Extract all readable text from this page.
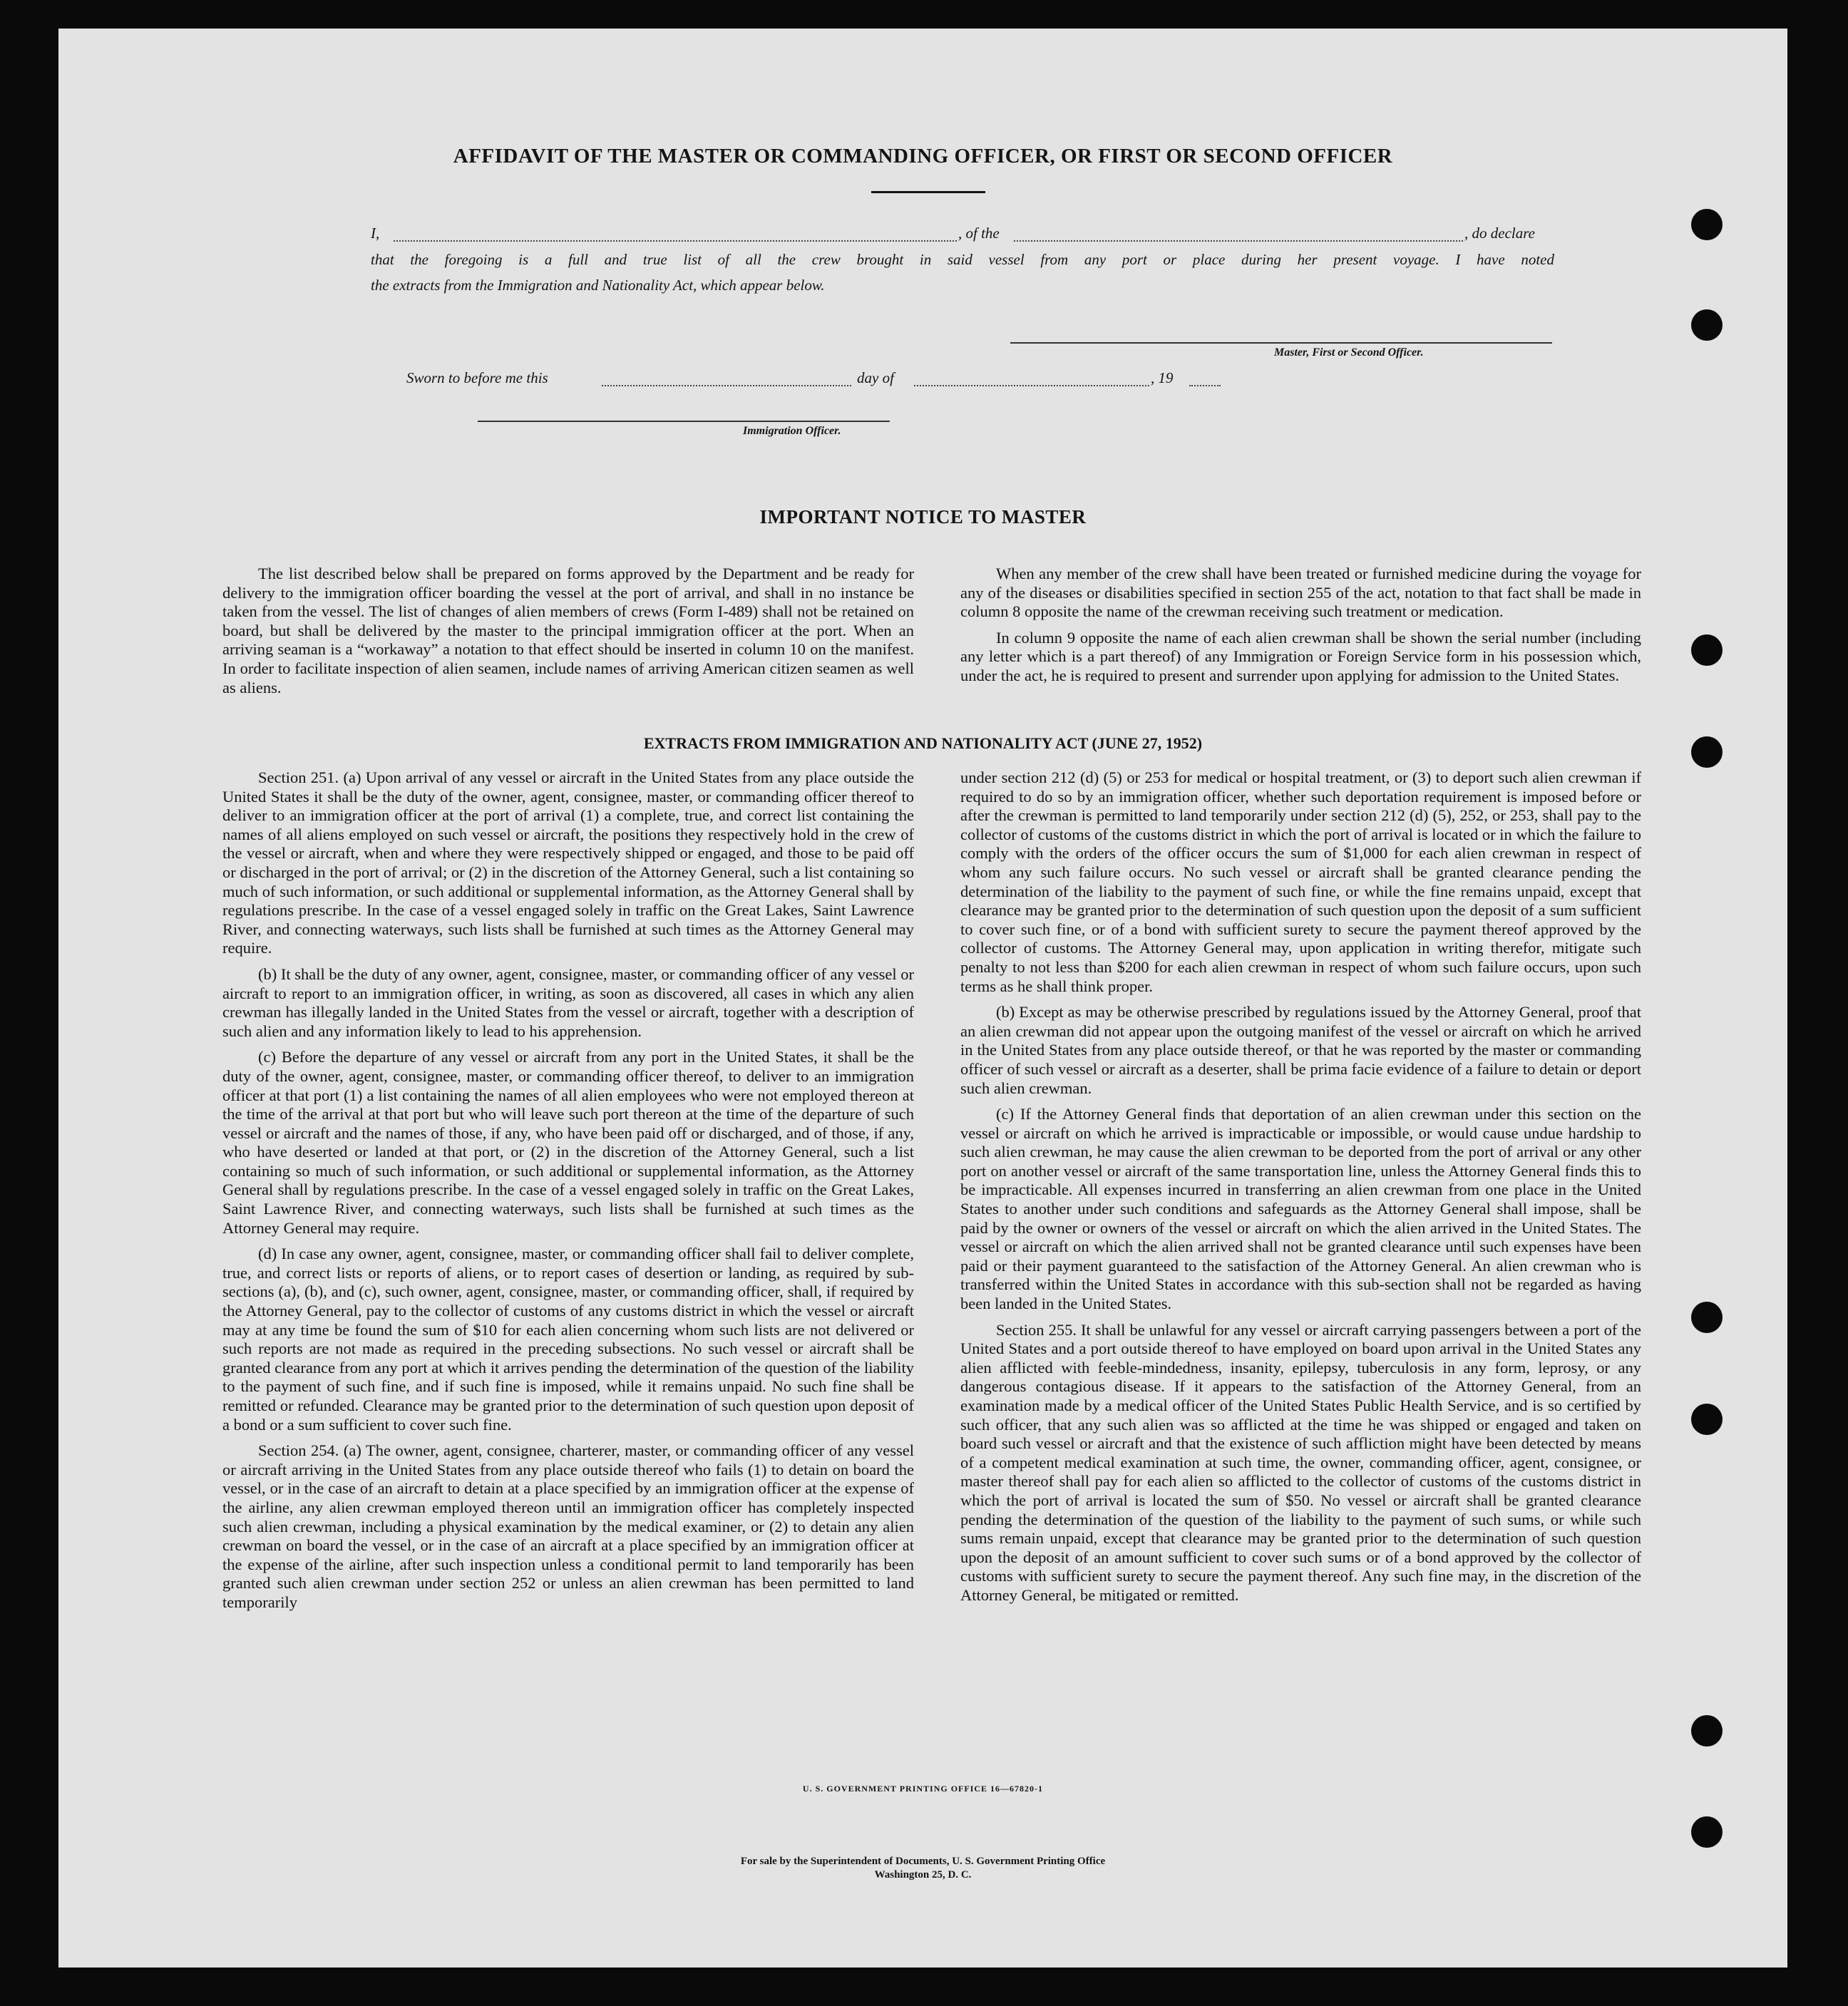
AFFIDAVIT OF THE MASTER OR COMMANDING OFFICER, OR FIRST OR SECOND OFFICER
I,	, of the	, do declare
that the foregoing is a full and true list of all the crew brought in said vessel from any port or place during her present voyage. I have noted
the extracts from the Immigration and Nationality Act, which appear below.
Master, First or Second Officer.
Sworn to before me this	day of	, 19
Immigration Officer.
IMPORTANT NOTICE TO MASTER

The list described below shall be prepared on forms approved by the Department and be ready for delivery to the immigration officer boarding the vessel at the port of arrival, and shall in no instance be taken from the vessel. The list of changes of alien members of crews (Form I-489) shall not be retained on board, but shall be delivered by the master to the principal immigration officer at the port. When an arriving seaman is a “workaway” a notation to that effect should be inserted in column 10 on the manifest. In order to facilitate inspection of alien seamen, include names of arriving American citizen seamen as well as aliens.

When any member of the crew shall have been treated or furnished medicine during the voyage for any of the diseases or disabilities specified in section 255 of the act, notation to that fact shall be made in column 8 opposite the name of the crewman receiving such treatment or medication.

In column 9 opposite the name of each alien crewman shall be shown the serial number (including any letter which is a part thereof) of any Immigration or Foreign Service form in his possession which, under the act, he is required to present and surrender upon applying for admission to the United States.

EXTRACTS FROM IMMIGRATION AND NATIONALITY ACT (JUNE 27, 1952)

Section 251. (a) Upon arrival of any vessel or aircraft in the United States from any place outside the United States it shall be the duty of the owner, agent, consignee, master, or commanding officer thereof to deliver to an immigration officer at the port of arrival (1) a complete, true, and correct list containing the names of all aliens employed on such vessel or aircraft, the positions they respectively hold in the crew of the vessel or aircraft, when and where they were respectively shipped or engaged, and those to be paid off or discharged in the port of arrival; or (2) in the discretion of the Attorney General, such a list containing so much of such information, or such additional or supplemental information, as the Attorney General shall by regulations prescribe. In the case of a vessel engaged solely in traffic on the Great Lakes, Saint Lawrence River, and connecting waterways, such lists shall be furnished at such times as the Attorney General may require.

(b) It shall be the duty of any owner, agent, consignee, master, or commanding officer of any vessel or aircraft to report to an immigration officer, in writing, as soon as discovered, all cases in which any alien crewman has illegally landed in the United States from the vessel or aircraft, together with a description of such alien and any information likely to lead to his apprehension.

(c) Before the departure of any vessel or aircraft from any port in the United States, it shall be the duty of the owner, agent, consignee, master, or commanding officer thereof, to deliver to an immigration officer at that port (1) a list containing the names of all alien employees who were not employed thereon at the time of the arrival at that port but who will leave such port thereon at the time of the departure of such vessel or aircraft and the names of those, if any, who have been paid off or discharged, and of those, if any, who have deserted or landed at that port, or (2) in the discretion of the Attorney General, such a list containing so much of such information, or such additional or supplemental information, as the Attorney General shall by regulations prescribe. In the case of a vessel engaged solely in traffic on the Great Lakes, Saint Lawrence River, and connecting waterways, such lists shall be furnished at such times as the Attorney General may require.

(d) In case any owner, agent, consignee, master, or commanding officer shall fail to deliver complete, true, and correct lists or reports of aliens, or to report cases of desertion or landing, as required by sub-sections (a), (b), and (c), such owner, agent, consignee, master, or commanding officer, shall, if required by the Attorney General, pay to the collector of customs of any customs district in which the vessel or aircraft may at any time be found the sum of $10 for each alien concerning whom such lists are not delivered or such reports are not made as required in the preceding subsections. No such vessel or aircraft shall be granted clearance from any port at which it arrives pending the determination of the question of the liability to the payment of such fine, and if such fine is imposed, while it remains unpaid. No such fine shall be remitted or refunded. Clearance may be granted prior to the determination of such question upon deposit of a bond or a sum sufficient to cover such fine.

Section 254. (a) The owner, agent, consignee, charterer, master, or commanding officer of any vessel or aircraft arriving in the United States from any place outside thereof who fails (1) to detain on board the vessel, or in the case of an aircraft to detain at a place specified by an immigration officer at the expense of the airline, any alien crewman employed thereon until an immigration officer has completely inspected such alien crewman, including a physical examination by the medical examiner, or (2) to detain any alien crewman on board the vessel, or in the case of an aircraft at a place specified by an immigration officer at the expense of the airline, after such inspection unless a conditional permit to land temporarily has been granted such alien crewman under section 252 or unless an alien crewman has been permitted to land temporarily

under section 212 (d) (5) or 253 for medical or hospital treatment, or (3) to deport such alien crewman if required to do so by an immigration officer, whether such deportation requirement is imposed before or after the crewman is permitted to land temporarily under section 212 (d) (5), 252, or 253, shall pay to the collector of customs of the customs district in which the port of arrival is located or in which the failure to comply with the orders of the officer occurs the sum of $1,000 for each alien crewman in respect of whom any such failure occurs. No such vessel or aircraft shall be granted clearance pending the determination of the liability to the payment of such fine, or while the fine remains unpaid, except that clearance may be granted prior to the determination of such question upon the deposit of a sum sufficient to cover such fine, or of a bond with sufficient surety to secure the payment thereof approved by the collector of customs. The Attorney General may, upon application in writing therefor, mitigate such penalty to not less than $200 for each alien crewman in respect of whom such failure occurs, upon such terms as he shall think proper.

(b) Except as may be otherwise prescribed by regulations issued by the Attorney General, proof that an alien crewman did not appear upon the outgoing manifest of the vessel or aircraft on which he arrived in the United States from any place outside thereof, or that he was reported by the master or commanding officer of such vessel or aircraft as a deserter, shall be prima facie evidence of a failure to detain or deport such alien crewman.

(c) If the Attorney General finds that deportation of an alien crewman under this section on the vessel or aircraft on which he arrived is impracticable or impossible, or would cause undue hardship to such alien crewman, he may cause the alien crewman to be deported from the port of arrival or any other port on another vessel or aircraft of the same transportation line, unless the Attorney General finds this to be impracticable. All expenses incurred in transferring an alien crewman from one place in the United States to another under such conditions and safeguards as the Attorney General shall impose, shall be paid by the owner or owners of the vessel or aircraft on which the alien arrived in the United States. The vessel or aircraft on which the alien arrived shall not be granted clearance until such expenses have been paid or their payment guaranteed to the satisfaction of the Attorney General. An alien crewman who is transferred within the United States in accordance with this sub-section shall not be regarded as having been landed in the United States.

Section 255. It shall be unlawful for any vessel or aircraft carrying passengers between a port of the United States and a port outside thereof to have employed on board upon arrival in the United States any alien afflicted with feeble-mindedness, insanity, epilepsy, tuberculosis in any form, leprosy, or any dangerous contagious disease. If it appears to the satisfaction of the Attorney General, from an examination made by a medical officer of the United States Public Health Service, and is so certified by such officer, that any such alien was so afflicted at the time he was shipped or engaged and taken on board such vessel or aircraft and that the existence of such affliction might have been detected by means of a competent medical examination at such time, the owner, commanding officer, agent, consignee, or master thereof shall pay for each alien so afflicted to the collector of customs of the customs district in which the port of arrival is located the sum of $50. No vessel or aircraft shall be granted clearance pending the determination of the question of the liability to the payment of such sums, or while such sums remain unpaid, except that clearance may be granted prior to the determination of such question upon the deposit of an amount sufficient to cover such sums or of a bond approved by the collector of customs with sufficient surety to secure the payment thereof. Any such fine may, in the discretion of the Attorney General, be mitigated or remitted.

U. S. GOVERNMENT PRINTING OFFICE 16—67820-1
For sale by the Superintendent of Documents, U. S. Government Printing Office
Washington 25, D. C.
